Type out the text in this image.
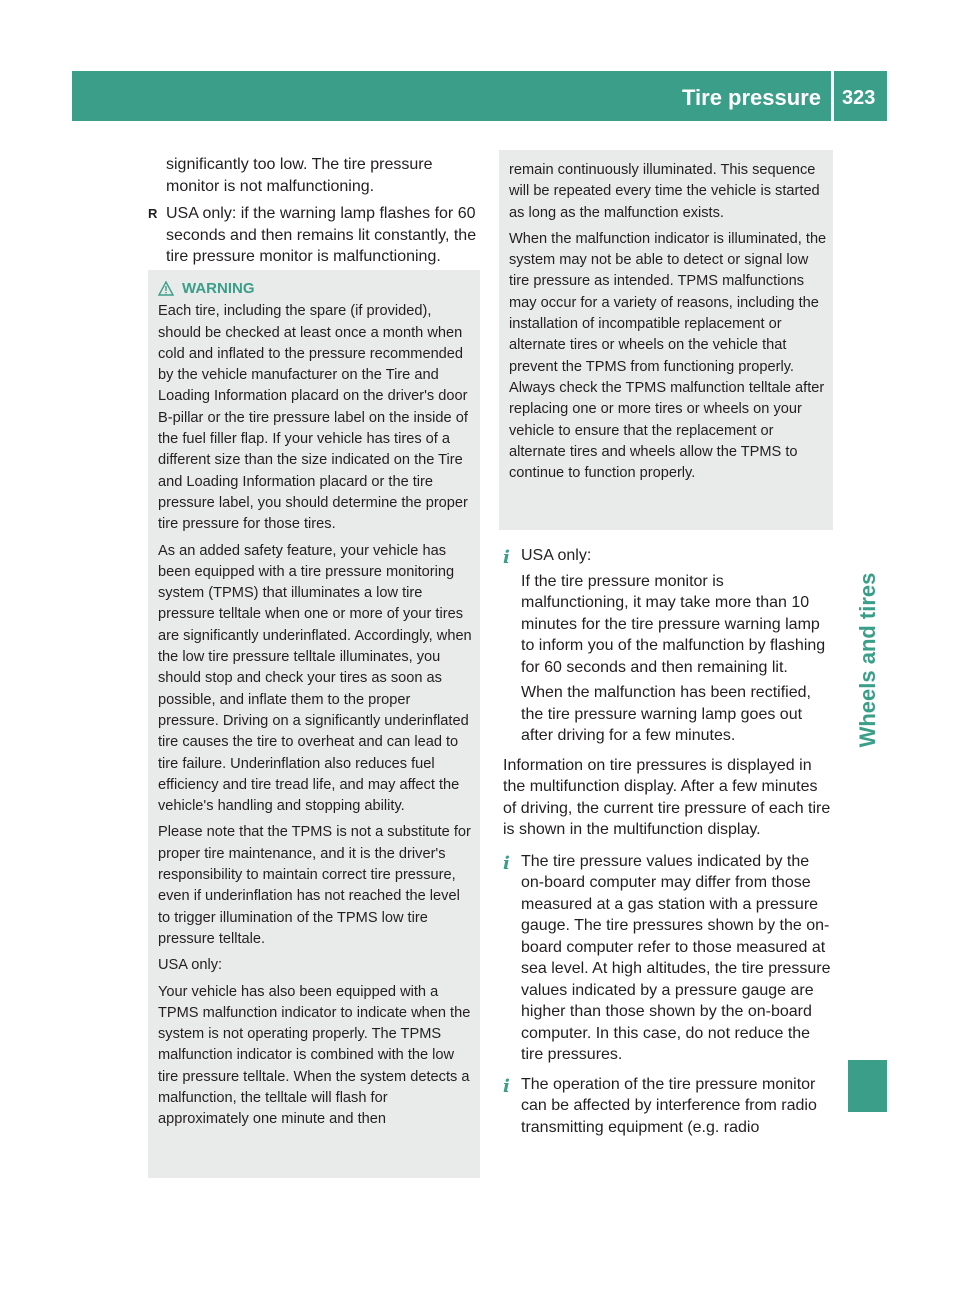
Tire pressure 323
Wheels and tires

significantly too low. The tire pressure monitor is not malfunctioning.

R USA only: if the warning lamp flashes for 60 seconds and then remains lit constantly, the tire pressure monitor is malfunctioning.

WARNING

Each tire, including the spare (if provided), should be checked at least once a month when cold and inflated to the pressure recommended by the vehicle manufacturer on the Tire and Loading Information placard on the driver's door B-pillar or the tire pressure label on the inside of the fuel filler flap. If your vehicle has tires of a different size than the size indicated on the Tire and Loading Information placard or the tire pressure label, you should determine the proper tire pressure for those tires.

As an added safety feature, your vehicle has been equipped with a tire pressure monitoring system (TPMS) that illuminates a low tire pressure telltale when one or more of your tires are significantly underinflated. Accordingly, when the low tire pressure telltale illuminates, you should stop and check your tires as soon as possible, and inflate them to the proper pressure. Driving on a significantly underinflated tire causes the tire to overheat and can lead to tire failure. Underinflation also reduces fuel efficiency and tire tread life, and may affect the vehicle's handling and stopping ability.

Please note that the TPMS is not a substitute for proper tire maintenance, and it is the driver's responsibility to maintain correct tire pressure, even if underinflation has not reached the level to trigger illumination of the TPMS low tire pressure telltale.

USA only:

Your vehicle has also been equipped with a TPMS malfunction indicator to indicate when the system is not operating properly. The TPMS malfunction indicator is combined with the low tire pressure telltale. When the system detects a malfunction, the telltale will flash for approximately one minute and then

remain continuously illuminated. This sequence will be repeated every time the vehicle is started as long as the malfunction exists.

When the malfunction indicator is illuminated, the system may not be able to detect or signal low tire pressure as intended. TPMS malfunctions may occur for a variety of reasons, including the installation of incompatible replacement or alternate tires or wheels on the vehicle that prevent the TPMS from functioning properly. Always check the TPMS malfunction telltale after replacing one or more tires or wheels on your vehicle to ensure that the replacement or alternate tires and wheels allow the TPMS to continue to function properly.

i USA only:

If the tire pressure monitor is malfunctioning, it may take more than 10 minutes for the tire pressure warning lamp to inform you of the malfunction by flashing for 60 seconds and then remaining lit.

When the malfunction has been rectified, the tire pressure warning lamp goes out after driving for a few minutes.

Information on tire pressures is displayed in the multifunction display. After a few minutes of driving, the current tire pressure of each tire is shown in the multifunction display.

i The tire pressure values indicated by the on-board computer may differ from those measured at a gas station with a pressure gauge. The tire pressures shown by the on-board computer refer to those measured at sea level. At high altitudes, the tire pressure values indicated by a pressure gauge are higher than those shown by the on-board computer. In this case, do not reduce the tire pressures.

i The operation of the tire pressure monitor can be affected by interference from radio transmitting equipment (e.g. radio
